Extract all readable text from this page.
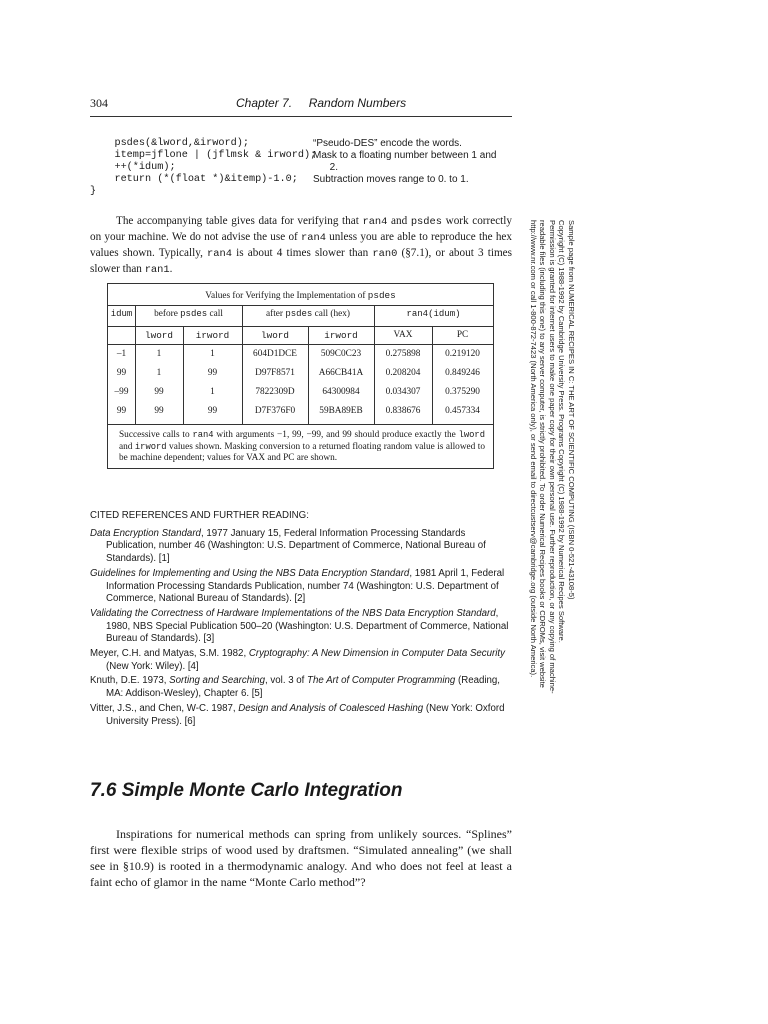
304	Chapter 7.     Random Numbers
psdes(&lword,&irword);	“Pseudo-DES” encode the words.
itemp=jflone | (jflmsk & irword);
Mask to a floating number between 1 and
++(*idum);	2.
return (*(float *)&itemp)-1.0; Subtraction moves range to 0. to 1.
}
The accompanying table gives data for verifying that ran4 and psdes work correctly on your machine. We do not advise the use of ran4 unless you are able to reproduce the hex values shown. Typically, ran4 is about 4 times slower than ran0 (§7.1), or about 3 times slower than ran1.
Values for Verifying the Implementation of psdes
idum	before psdes call	after psdes call (hex)	ran4(idum)
lword	irword	lword	irword	VAX	PC
–1	1	1	604D1DCE	509C0C23	0.275898	0.219120
99	1	99	D97F8571	A66CB41A	0.208204	0.849246
–99	99	1	7822309D	64300984	0.034307	0.375290
99	99	99	D7F376F0	59BA89EB	0.838676	0.457334
Successive calls to ran4 with arguments −1, 99, −99, and 99 should produce exactly the lword and irword values shown. Masking conversion to a returned floating random value is allowed to be machine dependent; values for VAX and PC are shown.
CITED REFERENCES AND FURTHER READING:
Data Encryption Standard, 1977 January 15, Federal Information Processing Standards Publication, number 46 (Washington: U.S. Department of Commerce, National Bureau of Standards). [1]
Guidelines for Implementing and Using the NBS Data Encryption Standard, 1981 April 1, Federal Information Processing Standards Publication, number 74 (Washington: U.S. Department of Commerce, National Bureau of Standards). [2]
Validating the Correctness of Hardware Implementations of the NBS Data Encryption Standard, 1980, NBS Special Publication 500–20 (Washington: U.S. Department of Commerce, National Bureau of Standards). [3]
Meyer, C.H. and Matyas, S.M. 1982, Cryptography: A New Dimension in Computer Data Security (New York: Wiley). [4]
Knuth, D.E. 1973, Sorting and Searching, vol. 3 of The Art of Computer Programming (Reading, MA: Addison-Wesley), Chapter 6. [5]
Vitter, J.S., and Chen, W-C. 1987, Design and Analysis of Coalesced Hashing (New York: Oxford University Press). [6]
7.6 Simple Monte Carlo Integration
Inspirations for numerical methods can spring from unlikely sources. “Splines” first were flexible strips of wood used by draftsmen. “Simulated annealing” (we shall see in §10.9) is rooted in a thermodynamic analogy. And who does not feel at least a faint echo of glamor in the name “Monte Carlo method”?
Sample page from NUMERICAL RECIPES IN C: THE ART OF SCIENTIFIC COMPUTING (ISBN 0-521-43108-5)
Copyright (C) 1988-1992 by Cambridge University Press. Programs Copyright (C) 1988-1992 by Numerical Recipes Software.
Permission is granted for internet users to make one paper copy for their own personal use. Further reproduction, or any copying of machine-
readable files (including this one) to any server computer, is strictly prohibited. To order Numerical Recipes books or CDROMs, visit website
http://www.nr.com or call 1-800-872-7423 (North America only), or send email to directcustserv@cambridge.org (outside North America).
